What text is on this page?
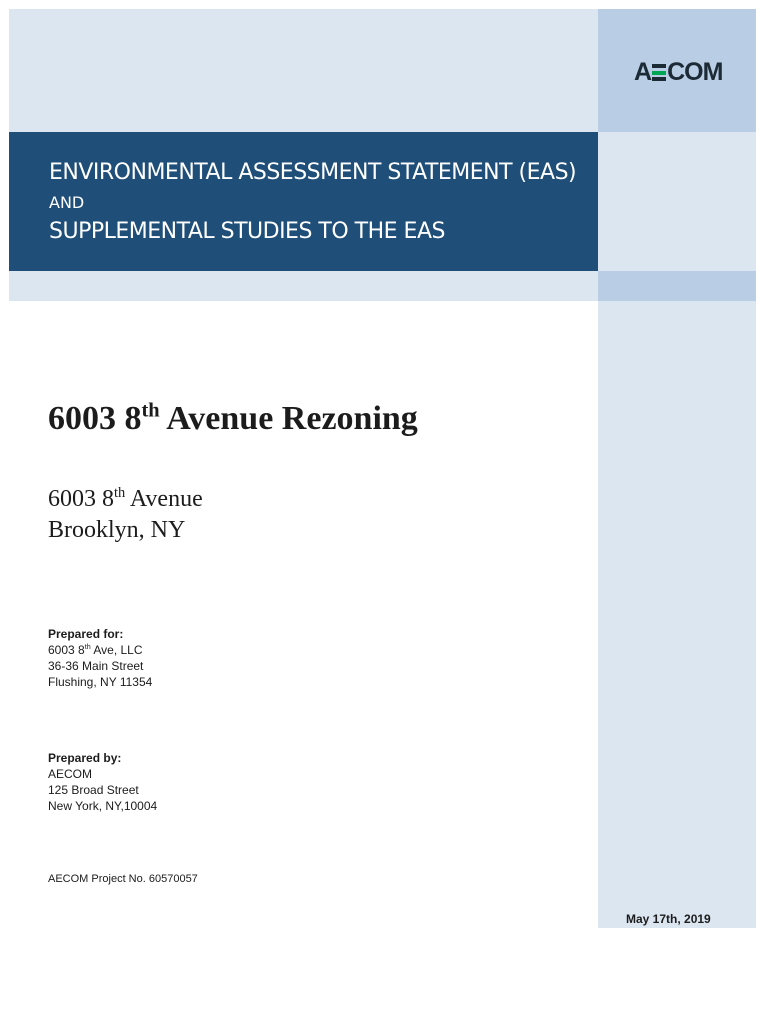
A COM
ENVIRONMENTAL ASSESSMENT STATEMENT (EAS)
AND
SUPPLEMENTAL STUDIES TO THE EAS
6003 8th Avenue Rezoning
6003 8th Avenue
Brooklyn, NY
Prepared for:
6003 8th Ave, LLC
36-36 Main Street
Flushing, NY 11354
Prepared by:
AECOM
125 Broad Street
New York, NY,10004
AECOM Project No. 60570057
May 17th, 2019
